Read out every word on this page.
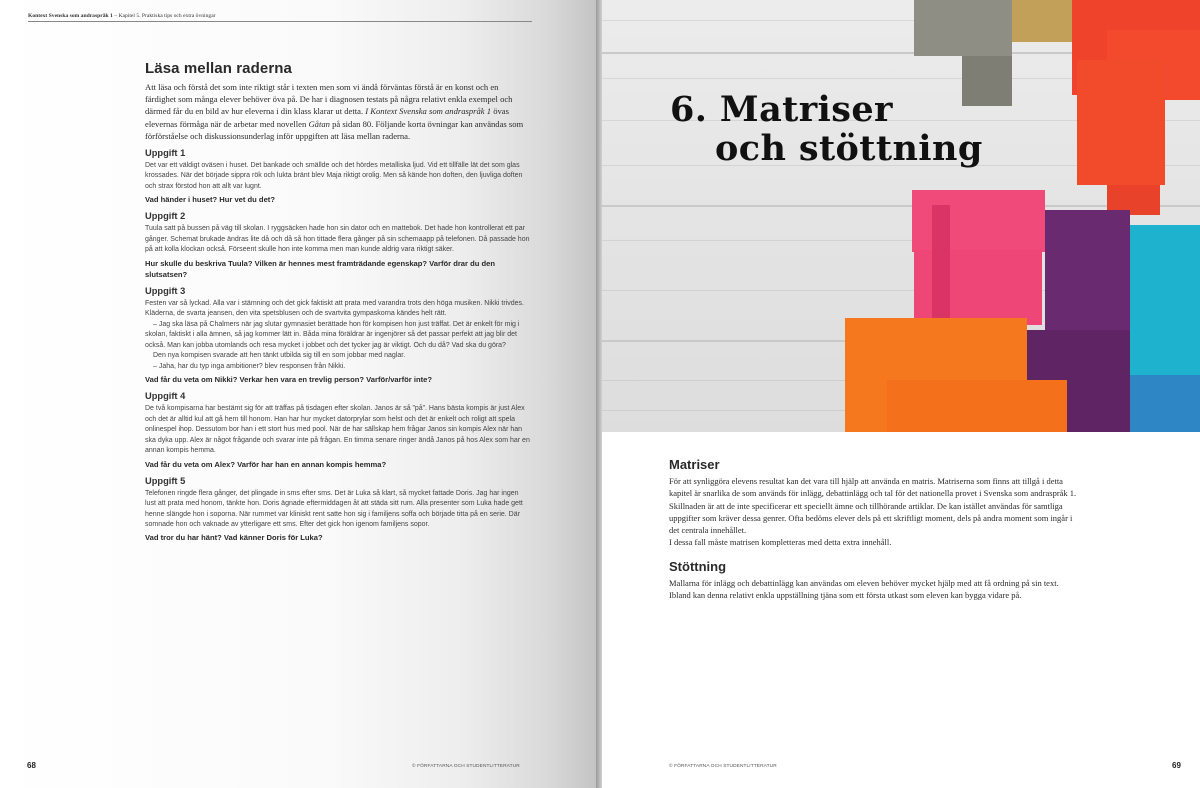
Kontext Svenska som andraspråk 1 – Kapitel 5. Praktiska tips och extra övningar
Läsa mellan raderna

Att läsa och förstå det som inte riktigt står i texten men som vi ändå förväntas förstå är en konst och en färdighet som många elever behöver öva på. De har i diagnosen testats på några relativt enkla exempel och därmed får du en bild av hur eleverna i din klass klarar ut detta. I Kontext Svenska som andraspråk 1 övas elevernas förmåga när de arbetar med novellen Gåtan på sidan 80. Följande korta övningar kan användas som förförståelse och diskussionsunderlag inför uppgiften att läsa mellan raderna.

Uppgift 1

Det var ett väldigt oväsen i huset. Det bankade och smällde och det hördes metalliska ljud. Vid ett tillfälle lät det som glas krossades. När det började sippra rök och lukta bränt blev Maja riktigt orolig. Men så kände hon doften, den ljuvliga doften och strax förstod hon att allt var lugnt.

Vad händer i huset? Hur vet du det?

Uppgift 2

Tuula satt på bussen på väg till skolan. I ryggsäcken hade hon sin dator och en mattebok. Det hade hon kontrollerat ett par gånger. Schemat brukade ändras lite då och då så hon tittade flera gånger på sin schemaapp på telefonen. Då passade hon på att kolla klockan också. Förseent skulle hon inte komma men man kunde aldrig vara riktigt säker.

Hur skulle du beskriva Tuula? Vilken är hennes mest framträdande egenskap? Varför drar du den slutsatsen?

Uppgift 3

Festen var så lyckad. Alla var i stämning och det gick faktiskt att prata med varandra trots den höga musiken. Nikki trivdes. Kläderna, de svarta jeansen, den vita spetsblusen och de svartvita gympaskorna kändes helt rätt.

– Jag ska läsa på Chalmers när jag slutar gymnasiet berättade hon för kompisen hon just träffat. Det är enkelt för mig i skolan, faktiskt i alla ämnen, så jag kommer lätt in. Båda mina föräldrar är ingenjörer så det passar perfekt att jag blir det också. Man kan jobba utomlands och resa mycket i jobbet och det tycker jag är viktigt. Och du då? Vad ska du göra?

Den nya kompisen svarade att hen tänkt utbilda sig till en som jobbar med naglar.

– Jaha, har du typ inga ambitioner? blev responsen från Nikki.

Vad får du veta om Nikki? Verkar hen vara en trevlig person? Varför/varför inte?

Uppgift 4

De två kompisarna har bestämt sig för att träffas på tisdagen efter skolan. Janos är så ”på”. Hans bästa kompis är just Alex och det är alltid kul att gå hem till honom. Han har hur mycket datorprylar som helst och det är enkelt och roligt att spela onlinespel ihop. Dessutom bor han i ett stort hus med pool. När de har sällskap hem frågar Janos sin kompis Alex när han ska dyka upp. Alex är något frågande och svarar inte på frågan. En timma senare ringer ändå Janos på hos Alex som har en annan kompis hemma.

Vad får du veta om Alex? Varför har han en annan kompis hemma?

Uppgift 5

Telefonen ringde flera gånger, det plingade in sms efter sms. Det är Luka så klart, så mycket fattade Doris. Jag har ingen lust att prata med honom, tänkte hon. Doris ägnade eftermiddagen åt att städa sitt rum. Alla presenter som Luka hade gett henne slängde hon i soporna. När rummet var kliniskt rent satte hon sig i familjens soffa och började titta på en serie. Där somnade hon och vaknade av ytterligare ett sms. Efter det gick hon igenom familjens sopor.

Vad tror du har hänt? Vad känner Doris för Luka?

68	© FÖRFATTARNA OCH STUDENTLITTERATUR
6. Matriser
och stöttning
Matriser

För att synliggöra elevens resultat kan det vara till hjälp att använda en matris. Matriserna som finns att tillgå i detta kapitel är snarlika de som används för inlägg, debattinlägg och tal för det nationella provet i Svenska som andraspråk 1. Skillnaden är att de inte specificerar ett speciellt ämne och tillhörande artiklar. De kan istället användas för samtliga uppgifter som kräver dessa genrer. Ofta bedöms elever dels på ett skriftligt moment, dels på andra moment som ingår i det centrala innehållet.
I dessa fall måste matrisen kompletteras med detta extra innehåll.

Stöttning

Mallarna för inlägg och debattinlägg kan användas om eleven behöver mycket hjälp med att få ordning på sin text. Ibland kan denna relativt enkla uppställning tjäna som ett första utkast som eleven kan bygga vidare på.

69
© FÖRFATTARNA OCH STUDENTLITTERATUR
